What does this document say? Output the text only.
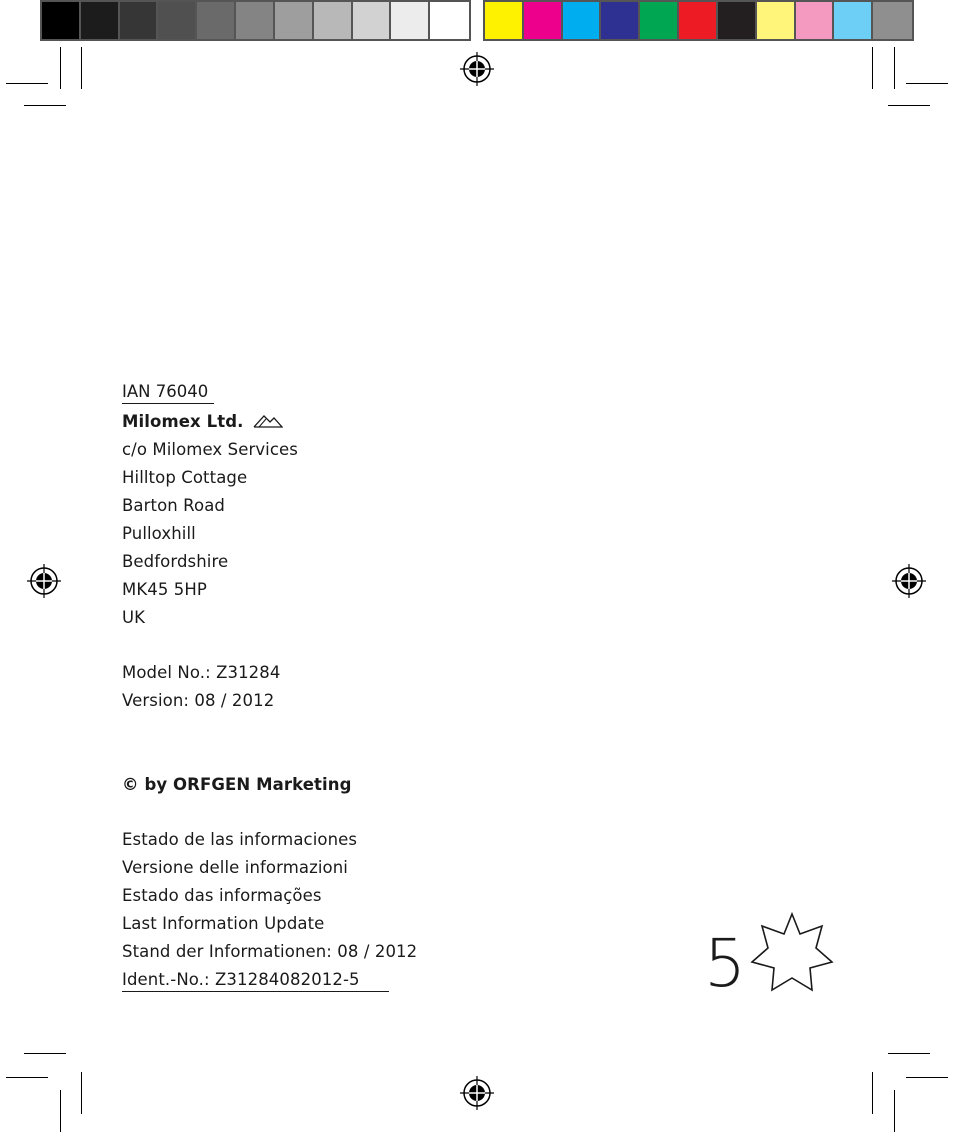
IAN 76040
Milomex Ltd.
c/o Milomex Services
Hilltop Cottage
Barton Road
Pulloxhill
Bedfordshire
MK45 5HP
UK
Model No.: Z31284
Version: 08 / 2012
© by ORFGEN Marketing
Estado de las informaciones
Versione delle informazioni
Estado das informações
Last Information Update
Stand der Informationen: 08 / 2012
Ident.-No.: Z31284082012-5	5
